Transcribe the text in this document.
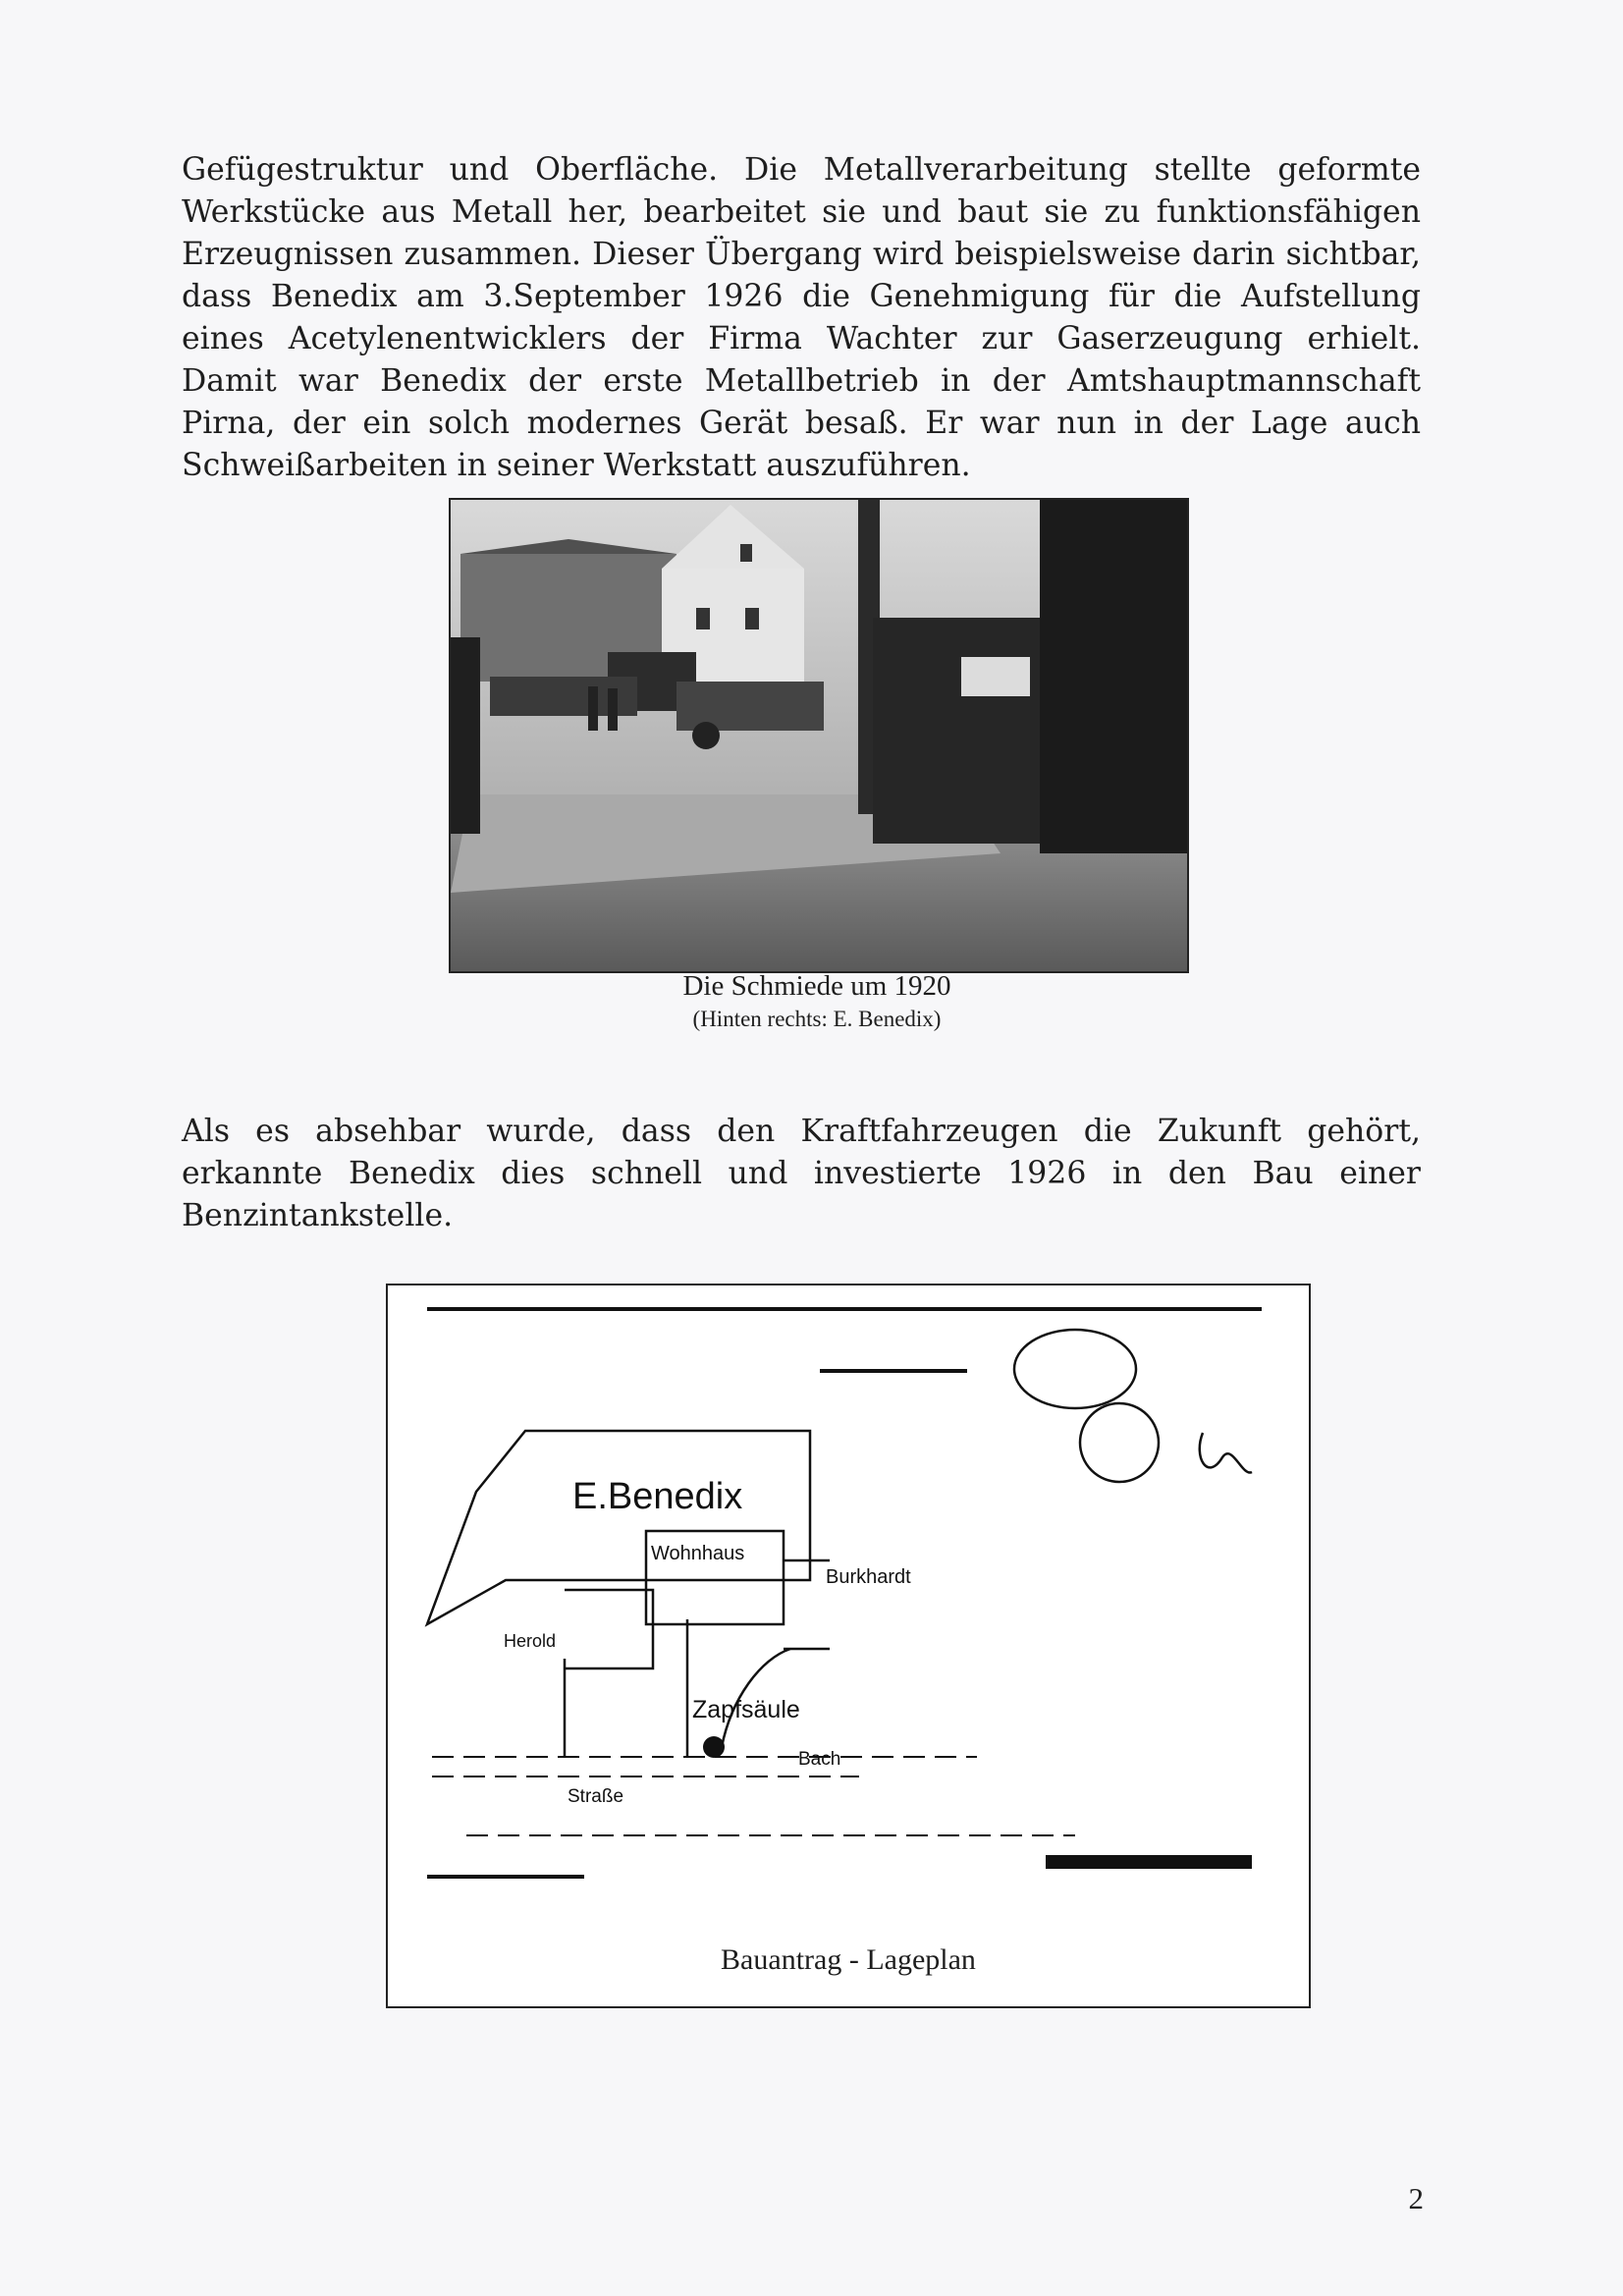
Gefügestruktur und Oberfläche. Die Metallverarbeitung stellte geformte Werkstücke aus Metall her, bearbeitet sie und baut sie zu funktionsfähigen Erzeugnissen zusammen. Dieser Übergang wird beispielsweise darin sichtbar, dass Benedix am 3.September 1926 die Genehmigung für die Aufstellung eines Acetylenentwicklers der Firma Wachter zur Gaserzeugung erhielt. Damit war Benedix der erste Metallbetrieb in der Amtshauptmannschaft Pirna, der ein solch modernes Gerät besaß. Er war nun in der Lage auch Schweißarbeiten in seiner Werkstatt auszuführen.

Die Schmiede um 1920

(Hinten rechts: E. Benedix)

Als es absehbar wurde, dass den Kraftfahrzeugen die Zukunft gehört, erkannte Benedix dies schnell und investierte 1926 in den Bau einer Benzintankstelle.

E.Benedix
Wohnhaus
Burkhardt
Herold
Zapfsäule
Bach
Straße
Bauantrag - Lageplan
2
